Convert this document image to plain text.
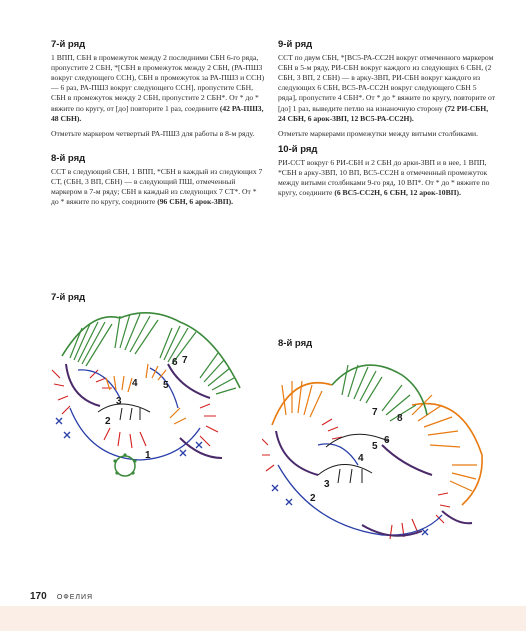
7-й ряд

1 ВПП, СБН в промежуток между 2 последними СБН 6-го ряда, пропустите 2 СБН, *[СБН в промежуток между 2 СБН, (РА-ПШ3 вокруг следующего ССН), СБН в промежуток за РА-ПШ3 и ССН) — 6 раз, РА-ПШ3 вокруг следующего ССН], пропустите СБН, СБН в промежуток между 2 СБН, пропустите 2 СБН*. От * до * вяжите по кругу, от [до] повторите 1 раз, соедините (42 РА-ПШ3, 48 СБН).

Отметьте маркером четвертый РА-ПШ3 для работы в 8-м ряду.

8-й ряд

ССТ в следующий СБН, 1 ВПП, *СБН в каждый из следующих 7 СТ, (СБН, 3 ВП, СБН) — в следующий ПШ, отмеченный маркером в 7-м ряду; СБН в каждый из следующих 7 СТ*. От * до * вяжите по кругу, соедините (96 СБН, 6 арок-3ВП).

9-й ряд

ССТ по двум СБН, *[ВС5-РА-СС2Н вокруг отмеченного маркером СБН в 5-м ряду, РИ-СБН вокруг каждого из следующих 6 СБН, (2 СБН, 3 ВП, 2 СБН) — в арку-3ВП, РИ-СБН вокруг каждого из следующих 6 СБН, ВС5-РА-СС2Н вокруг следующего СБН 5 ряда], пропустите 4 СБН*. От * до * вяжите по кругу, повторите от [до] 1 раз, выведите петлю на изнаночную сторону (72 РИ-СБН, 24 СБН, 6 арок-3ВП, 12 ВС5-РА-СС2Н).

Отметьте маркерами промежутки между витыми столбиками.

10-й ряд

РИ-ССТ вокруг 6 РИ-СБН и 2 СБН до арки-3ВП и в нее, 1 ВПП, *СБН в арку-3ВП, 10 ВП, ВС5-СС2Н в отмеченный промежуток между витыми столбиками 9-го ряд, 10 ВП*. От * до * вяжите по кругу, соедините (6 ВС5-СС2Н, 6 СБН, 12 арок-10ВП).

7-й ряд
8-й ряд
1
2
3
4	5
6 7
2
3
4
5
6
7
8
170 ОФЕЛИЯ
